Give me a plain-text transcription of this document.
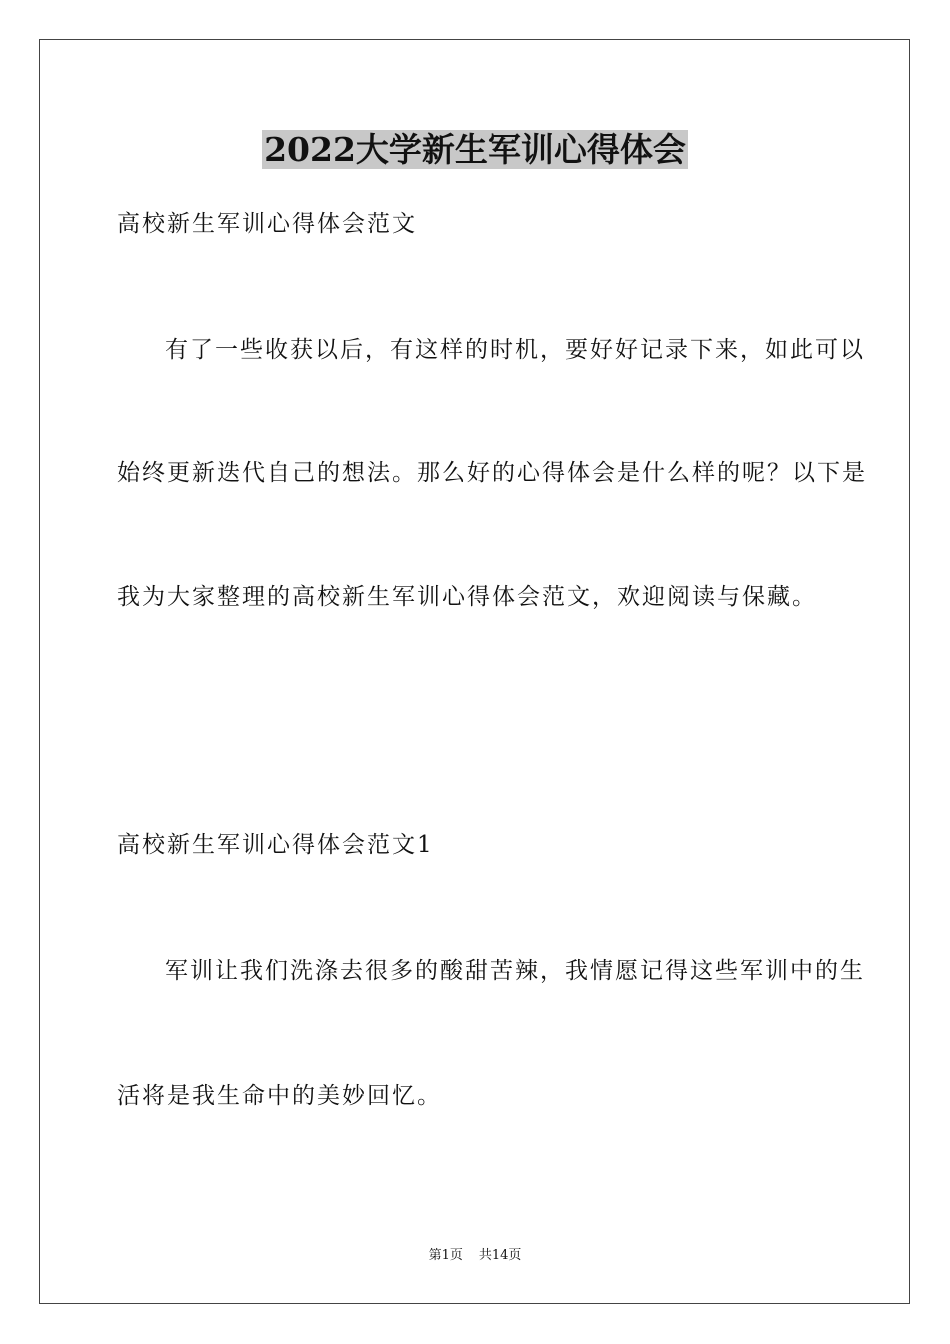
2022大学新生军训心得体会
高校新生军训心得体会范文
有了一些收获以后，有这样的时机，要好好记录下来，如此可以
始终更新迭代自己的想法。那么好的心得体会是什么样的呢？以下是
我为大家整理的高校新生军训心得体会范文，欢迎阅读与保藏。
高校新生军训心得体会范文1
军训让我们洗涤去很多的酸甜苦辣，我情愿记得这些军训中的生
活将是我生命中的美妙回忆。
第1页 共14页
